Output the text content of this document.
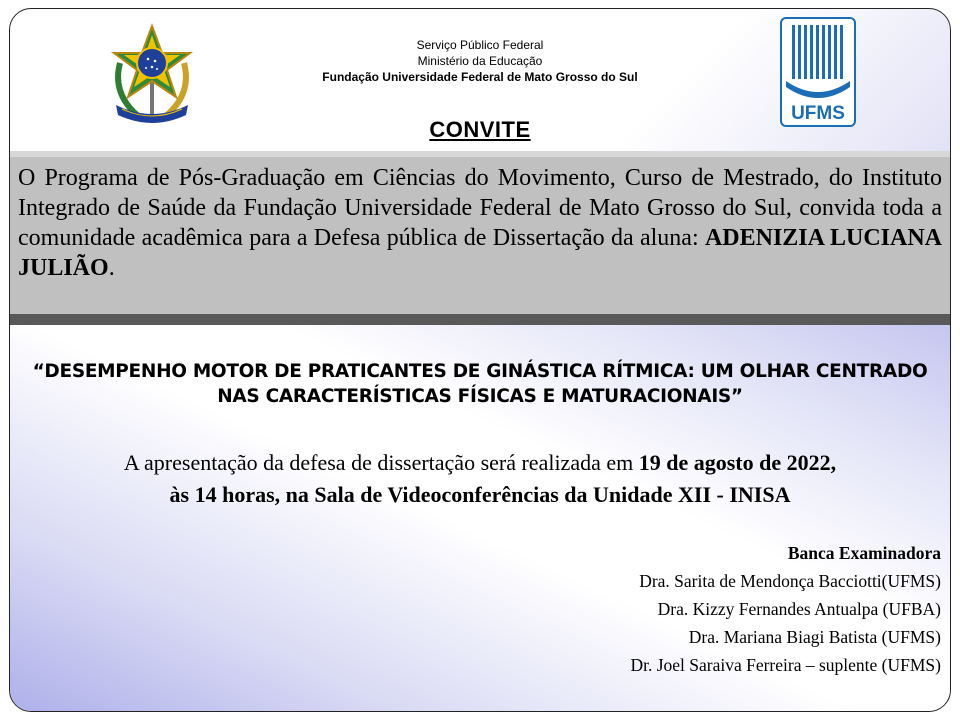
Serviço Público Federal
Ministério da Educação
Fundação Universidade Federal de Mato Grosso do Sul
UFMS
CONVITE
O Programa de Pós-Graduação em Ciências do Movimento, Curso de Mestrado, do Instituto Integrado de Saúde da Fundação Universidade Federal de Mato Grosso do Sul, convida toda a comunidade acadêmica para a Defesa pública de Dissertação da aluna: ADENIZIA LUCIANA JULIÃO.
“DESEMPENHO MOTOR DE PRATICANTES DE GINÁSTICA RÍTMICA: UM OLHAR CENTRADO NAS CARACTERÍSTICAS FÍSICAS E MATURACIONAIS”
A apresentação da defesa de dissertação será realizada em 19 de agosto de 2022,
às 14 horas, na Sala de Videoconferências da Unidade XII - INISA
Banca Examinadora
Dra. Sarita de Mendonça Bacciotti(UFMS)
Dra. Kizzy Fernandes Antualpa (UFBA)
Dra. Mariana Biagi Batista (UFMS)
Dr. Joel Saraiva Ferreira – suplente (UFMS)
